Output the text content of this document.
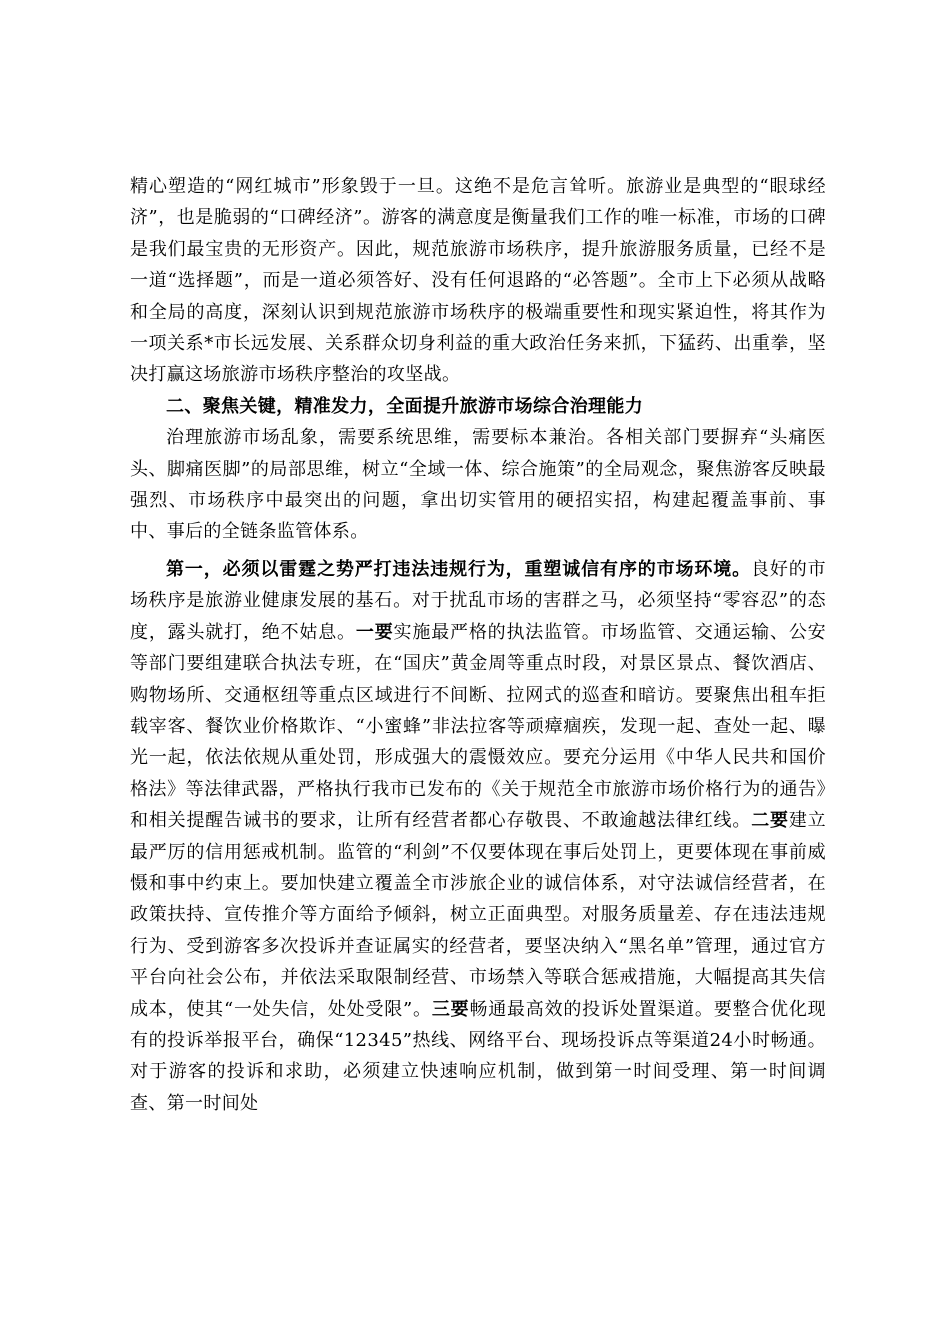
精心塑造的“网红城市”形象毁于一旦。这绝不是危言耸听。旅游业是典型的“眼球经济”，也是脆弱的“口碑经济”。游客的满意度是衡量我们工作的唯一标准，市场的口碑是我们最宝贵的无形资产。因此，规范旅游市场秩序，提升旅游服务质量，已经不是一道“选择题”，而是一道必须答好、没有任何退路的“必答题”。全市上下必须从战略和全局的高度，深刻认识到规范旅游市场秩序的极端重要性和现实紧迫性，将其作为一项关系*市长远发展、关系群众切身利益的重大政治任务来抓，下猛药、出重拳，坚决打赢这场旅游市场秩序整治的攻坚战。

二、聚焦关键，精准发力，全面提升旅游市场综合治理能力

治理旅游市场乱象，需要系统思维，需要标本兼治。各相关部门要摒弃“头痛医头、脚痛医脚”的局部思维，树立“全域一体、综合施策”的全局观念，聚焦游客反映最强烈、市场秩序中最突出的问题，拿出切实管用的硬招实招，构建起覆盖事前、事中、事后的全链条监管体系。

第一，必须以雷霆之势严打违法违规行为，重塑诚信有序的市场环境。良好的市场秩序是旅游业健康发展的基石。对于扰乱市场的害群之马，必须坚持“零容忍”的态度，露头就打，绝不姑息。一要实施最严格的执法监管。市场监管、交通运输、公安等部门要组建联合执法专班，在“国庆”黄金周等重点时段，对景区景点、餐饮酒店、购物场所、交通枢纽等重点区域进行不间断、拉网式的巡查和暗访。要聚焦出租车拒载宰客、餐饮业价格欺诈、“小蜜蜂”非法拉客等顽瘴痼疾，发现一起、查处一起、曝光一起，依法依规从重处罚，形成强大的震慑效应。要充分运用《中华人民共和国价格法》等法律武器，严格执行我市已发布的《关于规范全市旅游市场价格行为的通告》和相关提醒告诫书的要求，让所有经营者都心存敬畏、不敢逾越法律红线。二要建立最严厉的信用惩戒机制。监管的“利剑”不仅要体现在事后处罚上，更要体现在事前威慑和事中约束上。要加快建立覆盖全市涉旅企业的诚信体系，对守法诚信经营者，在政策扶持、宣传推介等方面给予倾斜，树立正面典型。对服务质量差、存在违法违规行为、受到游客多次投诉并查证属实的经营者，要坚决纳入“黑名单”管理，通过官方平台向社会公布，并依法采取限制经营、市场禁入等联合惩戒措施，大幅提高其失信成本，使其“一处失信，处处受限”。三要畅通最高效的投诉处置渠道。要整合优化现有的投诉举报平台，确保“12345”热线、网络平台、现场投诉点等渠道24小时畅通。对于游客的投诉和求助，必须建立快速响应机制，做到第一时间受理、第一时间调查、第一时间处
